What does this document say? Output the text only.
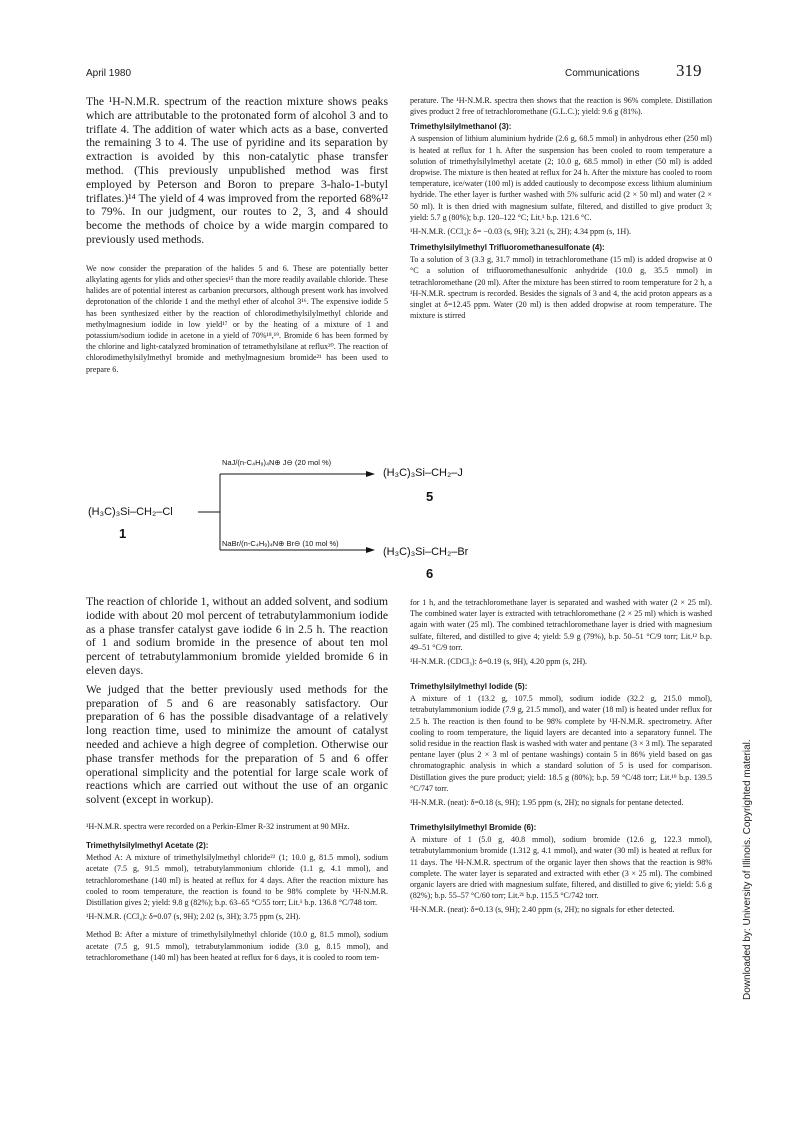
April 1980	Communications 319
Downloaded by: University of Illinois. Copyrighted material.

The ¹H-N.M.R. spectrum of the reaction mixture shows peaks which are attributable to the protonated form of alcohol 3 and to triflate 4. The addition of water which acts as a base, converted the remaining 3 to 4. The use of pyridine and its separation by extraction is avoided by this non-catalytic phase transfer method. (This previously unpublished method was first employed by Peterson and Boron to prepare 3-halo-1-butyl triflates.)¹⁴ The yield of 4 was improved from the reported 68%¹² to 79%. In our judgment, our routes to 2, 3, and 4 should become the methods of choice by a wide margin compared to previously used methods.

We now consider the preparation of the halides 5 and 6. These are potentially better alkylating agents for ylids and other species¹⁵ than the more readily available chloride. These halides are of potential interest as carbanion precursors, although present work has involved deprotonation of the chloride 1 and the methyl ether of alcohol 3¹⁶. The expensive iodide 5 has been synthesized either by the reaction of chlorodimethylsilylmethyl chloride and methylmagnesium iodide in low yield¹⁷ or by the heating of a mixture of 1 and potassium/sodium iodide in acetone in a yield of 70%¹⁸,¹⁹. Bromide 6 has been formed by the chlorine and light-catalyzed bromination of tetramethylsilane at reflux²⁰. The reaction of chlorodimethylsilylmethyl bromide and methylmagnesium bromide²¹ has been used to prepare 6.

NaJ/(n-C₄H₉)₄N⊕ J⊖ (20 mol %)
NaBr/(n-C₄H₉)₄N⊕ Br⊖ (10 mol %)
(H₃C)₃Si–CH₂–Cl
1
(H₃C)₃Si–CH₂–J
5
(H₃C)₃Si–CH₂–Br
6

The reaction of chloride 1, without an added solvent, and sodium iodide with about 20 mol percent of tetrabutylammonium iodide as a phase transfer catalyst gave iodide 6 in 2.5 h. The reaction of 1 and sodium bromide in the presence of about ten mol percent of tetrabutylammonium bromide yielded bromide 6 in eleven days.

We judged that the better previously used methods for the preparation of 5 and 6 are reasonably satisfactory. Our preparation of 6 has the possible disadvantage of a relatively long reaction time, used to minimize the amount of catalyst needed and achieve a high degree of completion. Otherwise our phase transfer methods for the preparation of 5 and 6 offer operational simplicity and the potential for large scale work of reactions which are carried out without the use of an organic solvent (except in workup).

¹H-N.M.R. spectra were recorded on a Perkin-Elmer R-32 instrument at 90 MHz.

Trimethylsilylmethyl Acetate (2):

Method A: A mixture of trimethylsilylmethyl chloride²² (1; 10.0 g, 81.5 mmol), sodium acetate (7.5 g, 91.5 mmol), tetrabutylammonium chloride (1.1 g, 4.1 mmol), and tetrachloromethane (140 ml) is heated at reflux for 4 days. After the reaction mixture has cooled to room temperature, the reaction is found to be 98% complete by ¹H-N.M.R. Distillation gives 2; yield: 9.8 g (82%); b.p. 63–65 °C/55 torr; Lit.¹ b.p. 136.8 °C/748 torr.

¹H-N.M.R. (CCl₄): δ=0.07 (s, 9H); 2.02 (s, 3H); 3.75 ppm (s, 2H).

Method B: After a mixture of trimethylsilylmethyl chloride (10.0 g, 81.5 mmol), sodium acetate (7.5 g, 91.5 mmol), tetrabutylammonium iodide (3.0 g, 8.15 mmol), and tetrachloromethane (140 ml) has been heated at reflux for 6 days, it is cooled to room tem-

perature. The ¹H-N.M.R. spectra then shows that the reaction is 96% complete. Distillation gives product 2 free of tetrachloromethane (G.L.C.); yield: 9.6 g (81%).

Trimethylsilylmethanol (3):

A suspension of lithium aluminium hydride (2.6 g, 68.5 mmol) in anhydrous ether (250 ml) is heated at reflux for 1 h. After the suspension has been cooled to room temperature a solution of trimethylsilylmethyl acetate (2; 10.0 g, 68.5 mmol) in ether (50 ml) is added dropwise. The mixture is then heated at reflux for 24 h. After the mixture has cooled to room temperature, ice/water (100 ml) is added cautiously to decompose excess lithium aluminium hydride. The ether layer is further washed with 5% sulfuric acid (2 × 50 ml) and water (2 × 50 ml). It is then dried with magnesium sulfate, filtered, and distilled to give product 3; yield: 5.7 g (80%); b.p. 120–122 °C; Lit.¹ b.p. 121.6 °C.

¹H-N.M.R. (CCl₄): δ= −0.03 (s, 9H); 3.21 (s, 2H); 4.34 ppm (s, 1H).

Trimethylsilylmethyl Trifluoromethanesulfonate (4):

To a solution of 3 (3.3 g, 31.7 mmol) in tetrachloromethane (15 ml) is added dropwise at 0 °C a solution of trifluoromethanesulfonic anhydride (10.0 g, 35.5 mmol) in tetrachloromethane (20 ml). After the mixture has been stirred to room temperature for 2 h, a ¹H-N.M.R. spectrum is recorded. Besides the signals of 3 and 4, the acid proton appears as a singlet at δ=12.45 ppm. Water (20 ml) is then added dropwise at room temperature. The mixture is stirred

for 1 h, and the tetrachloromethane layer is separated and washed with water (2 × 25 ml). The combined water layer is extracted with tetrachloromethane (2 × 25 ml) which is washed again with water (25 ml). The combined tetrachloromethane layer is dried with magnesium sulfate, filtered, and distilled to give 4; yield: 5.9 g (79%), b.p. 50–51 °C/9 torr; Lit.¹² b.p. 49–51 °C/9 torr.

¹H-N.M.R. (CDCl₃): δ=0.19 (s, 9H), 4.20 ppm (s, 2H).

Trimethylsilylmethyl Iodide (5):

A mixture of 1 (13.2 g, 107.5 mmol), sodium iodide (32.2 g, 215.0 mmol), tetrabutylammonium iodide (7.9 g, 21.5 mmol), and water (18 ml) is heated under reflux for 2.5 h. The reaction is then found to be 98% complete by ¹H-N.M.R. spectrometry. After cooling to room temperature, the liquid layers are decanted into a separatory funnel. The solid residue in the reaction flask is washed with water and pentane (3 × 3 ml). The separated pentane layer (plus 2 × 3 ml of pentane washings) contain 5 in 86% yield based on gas chromatographic analysis in which a standard solution of 5 is used for comparison. Distillation gives the pure product; yield: 18.5 g (80%); b.p. 59 °C/48 torr; Lit.¹⁹ b.p. 139.5 °C/747 torr.

¹H-N.M.R. (neat): δ=0.18 (s, 9H); 1.95 ppm (s, 2H); no signals for pentane detected.

Trimethylsilylmethyl Bromide (6):

A mixture of 1 (5.0 g, 40.8 mmol), sodium bromide (12.6 g, 122.3 mmol), tetrabutylammonium bromide (1.312 g, 4.1 mmol), and water (30 ml) is heated at reflux for 11 days. The ¹H-N.M.R. spectrum of the organic layer then shows that the reaction is 98% complete. The water layer is separated and extracted with ether (3 × 25 ml). The combined organic layers are dried with magnesium sulfate, filtered, and distilled to give 6; yield: 5.6 g (82%); b.p. 55–57 °C/60 torr; Lit.²¹ b.p. 115.5 °C/742 torr.

¹H-N.M.R. (neat): δ=0.13 (s, 9H); 2.40 ppm (s, 2H); no signals for ether detected.
